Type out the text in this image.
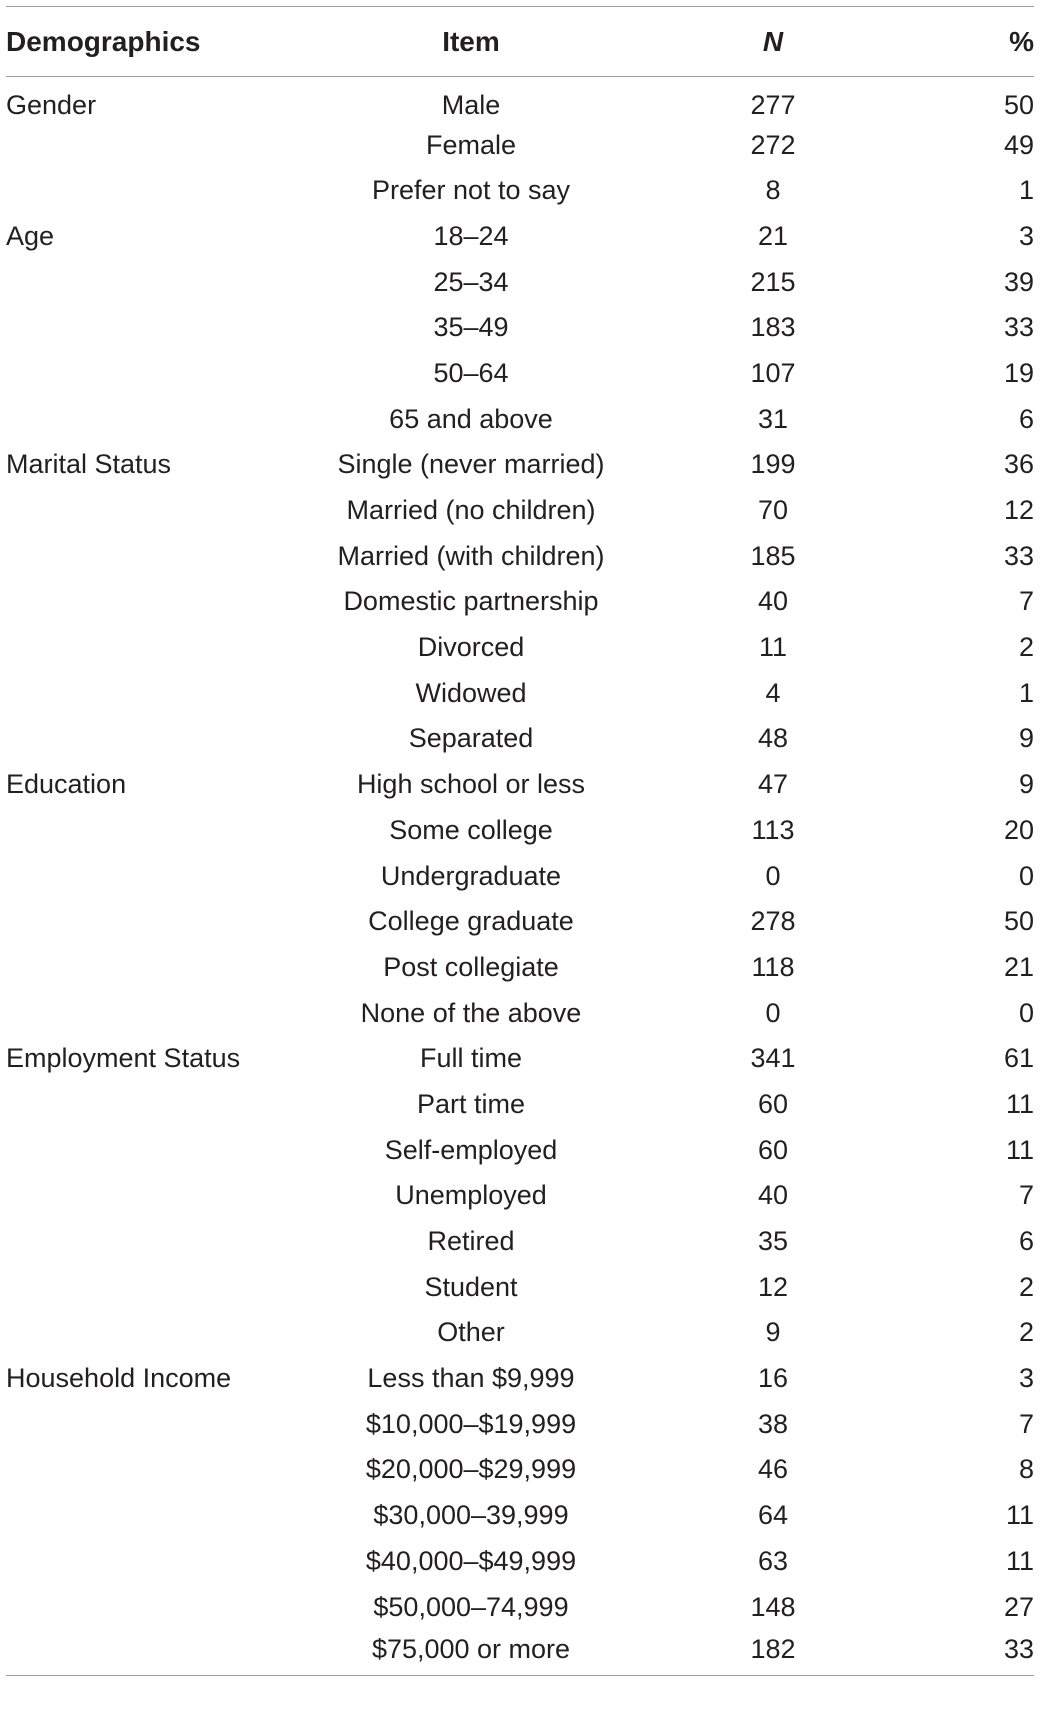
Demographics	Item	N	%
Gender	Male	277	50
	Female	272	49
	Prefer not to say	8	1
Age	18–24	21	3
	25–34	215	39
	35–49	183	33
	50–64	107	19
	65 and above	31	6
Marital Status	Single (never married)	199	36
	Married (no children)	70	12
	Married (with children)	185	33
	Domestic partnership	40	7
	Divorced	11	2
	Widowed	4	1
	Separated	48	9
Education	High school or less	47	9
	Some college	113	20
	Undergraduate	0	0
	College graduate	278	50
	Post collegiate	118	21
	None of the above	0	0
Employment Status	Full time	341	61
	Part time	60	11
	Self-employed	60	11
	Unemployed	40	7
	Retired	35	6
	Student	12	2
	Other	9	2
Household Income	Less than $9,999	16	3
	$10,000–$19,999	38	7
	$20,000–$29,999	46	8
	$30,000–39,999	64	11
	$40,000–$49,999	63	11
	$50,000–74,999	148	27
	$75,000 or more	182	33
